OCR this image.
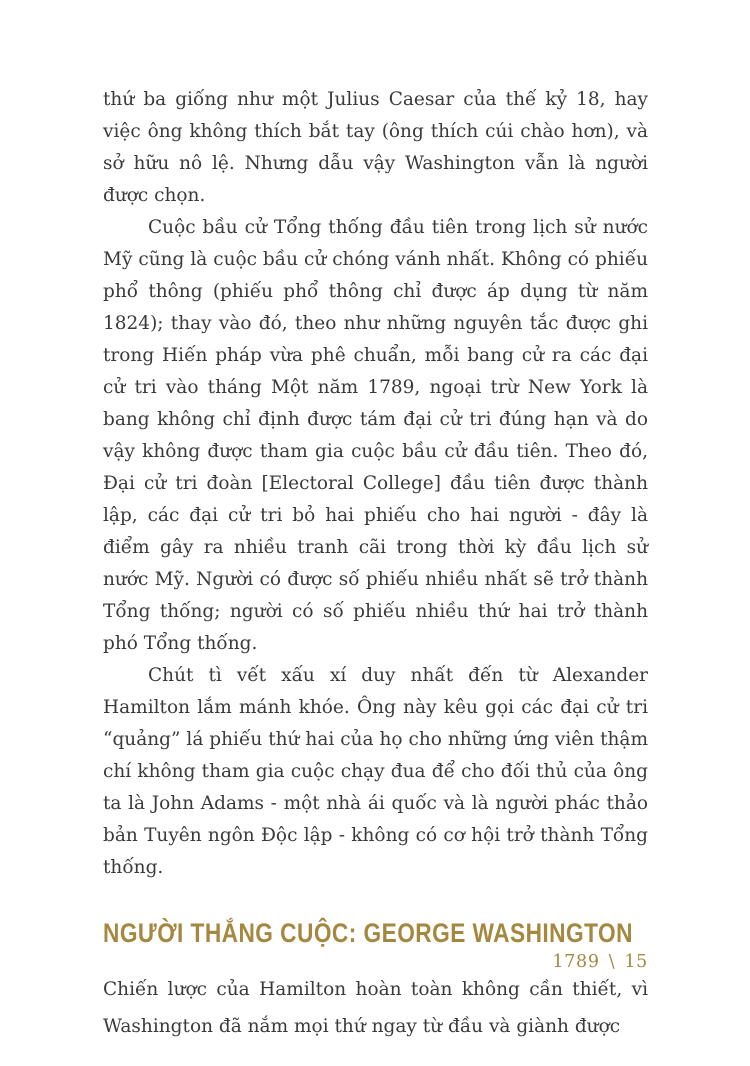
thứ ba giống như một Julius Caesar của thế kỷ 18, hay việc ông không thích bắt tay (ông thích cúi chào hơn), và sở hữu nô lệ. Nhưng dẫu vậy Washington vẫn là người được chọn.

Cuộc bầu cử Tổng thống đầu tiên trong lịch sử nước Mỹ cũng là cuộc bầu cử chóng vánh nhất. Không có phiếu phổ thông (phiếu phổ thông chỉ được áp dụng từ năm 1824); thay vào đó, theo như những nguyên tắc được ghi trong Hiến pháp vừa phê chuẩn, mỗi bang cử ra các đại cử tri vào tháng Một năm 1789, ngoại trừ New York là bang không chỉ định được tám đại cử tri đúng hạn và do vậy không được tham gia cuộc bầu cử đầu tiên. Theo đó, Đại cử tri đoàn [Electoral College] đầu tiên được thành lập, các đại cử tri bỏ hai phiếu cho hai người - đây là điểm gây ra nhiều tranh cãi trong thời kỳ đầu lịch sử nước Mỹ. Người có được số phiếu nhiều nhất sẽ trở thành Tổng thống; người có số phiếu nhiều thứ hai trở thành phó Tổng thống.

Chút tì vết xấu xí duy nhất đến từ Alexander Hamilton lắm mánh khóe. Ông này kêu gọi các đại cử tri “quảng” lá phiếu thứ hai của họ cho những ứng viên thậm chí không tham gia cuộc chạy đua để cho đối thủ của ông ta là John Adams - một nhà ái quốc và là người phác thảo bản Tuyên ngôn Độc lập - không có cơ hội trở thành Tổng thống.

NGƯỜI THẮNG CUỘC: GEORGE WASHINGTON

Chiến lược của Hamilton hoàn toàn không cần thiết, vì Washington đã nắm mọi thứ ngay từ đầu và giành được

1789 \ 15
